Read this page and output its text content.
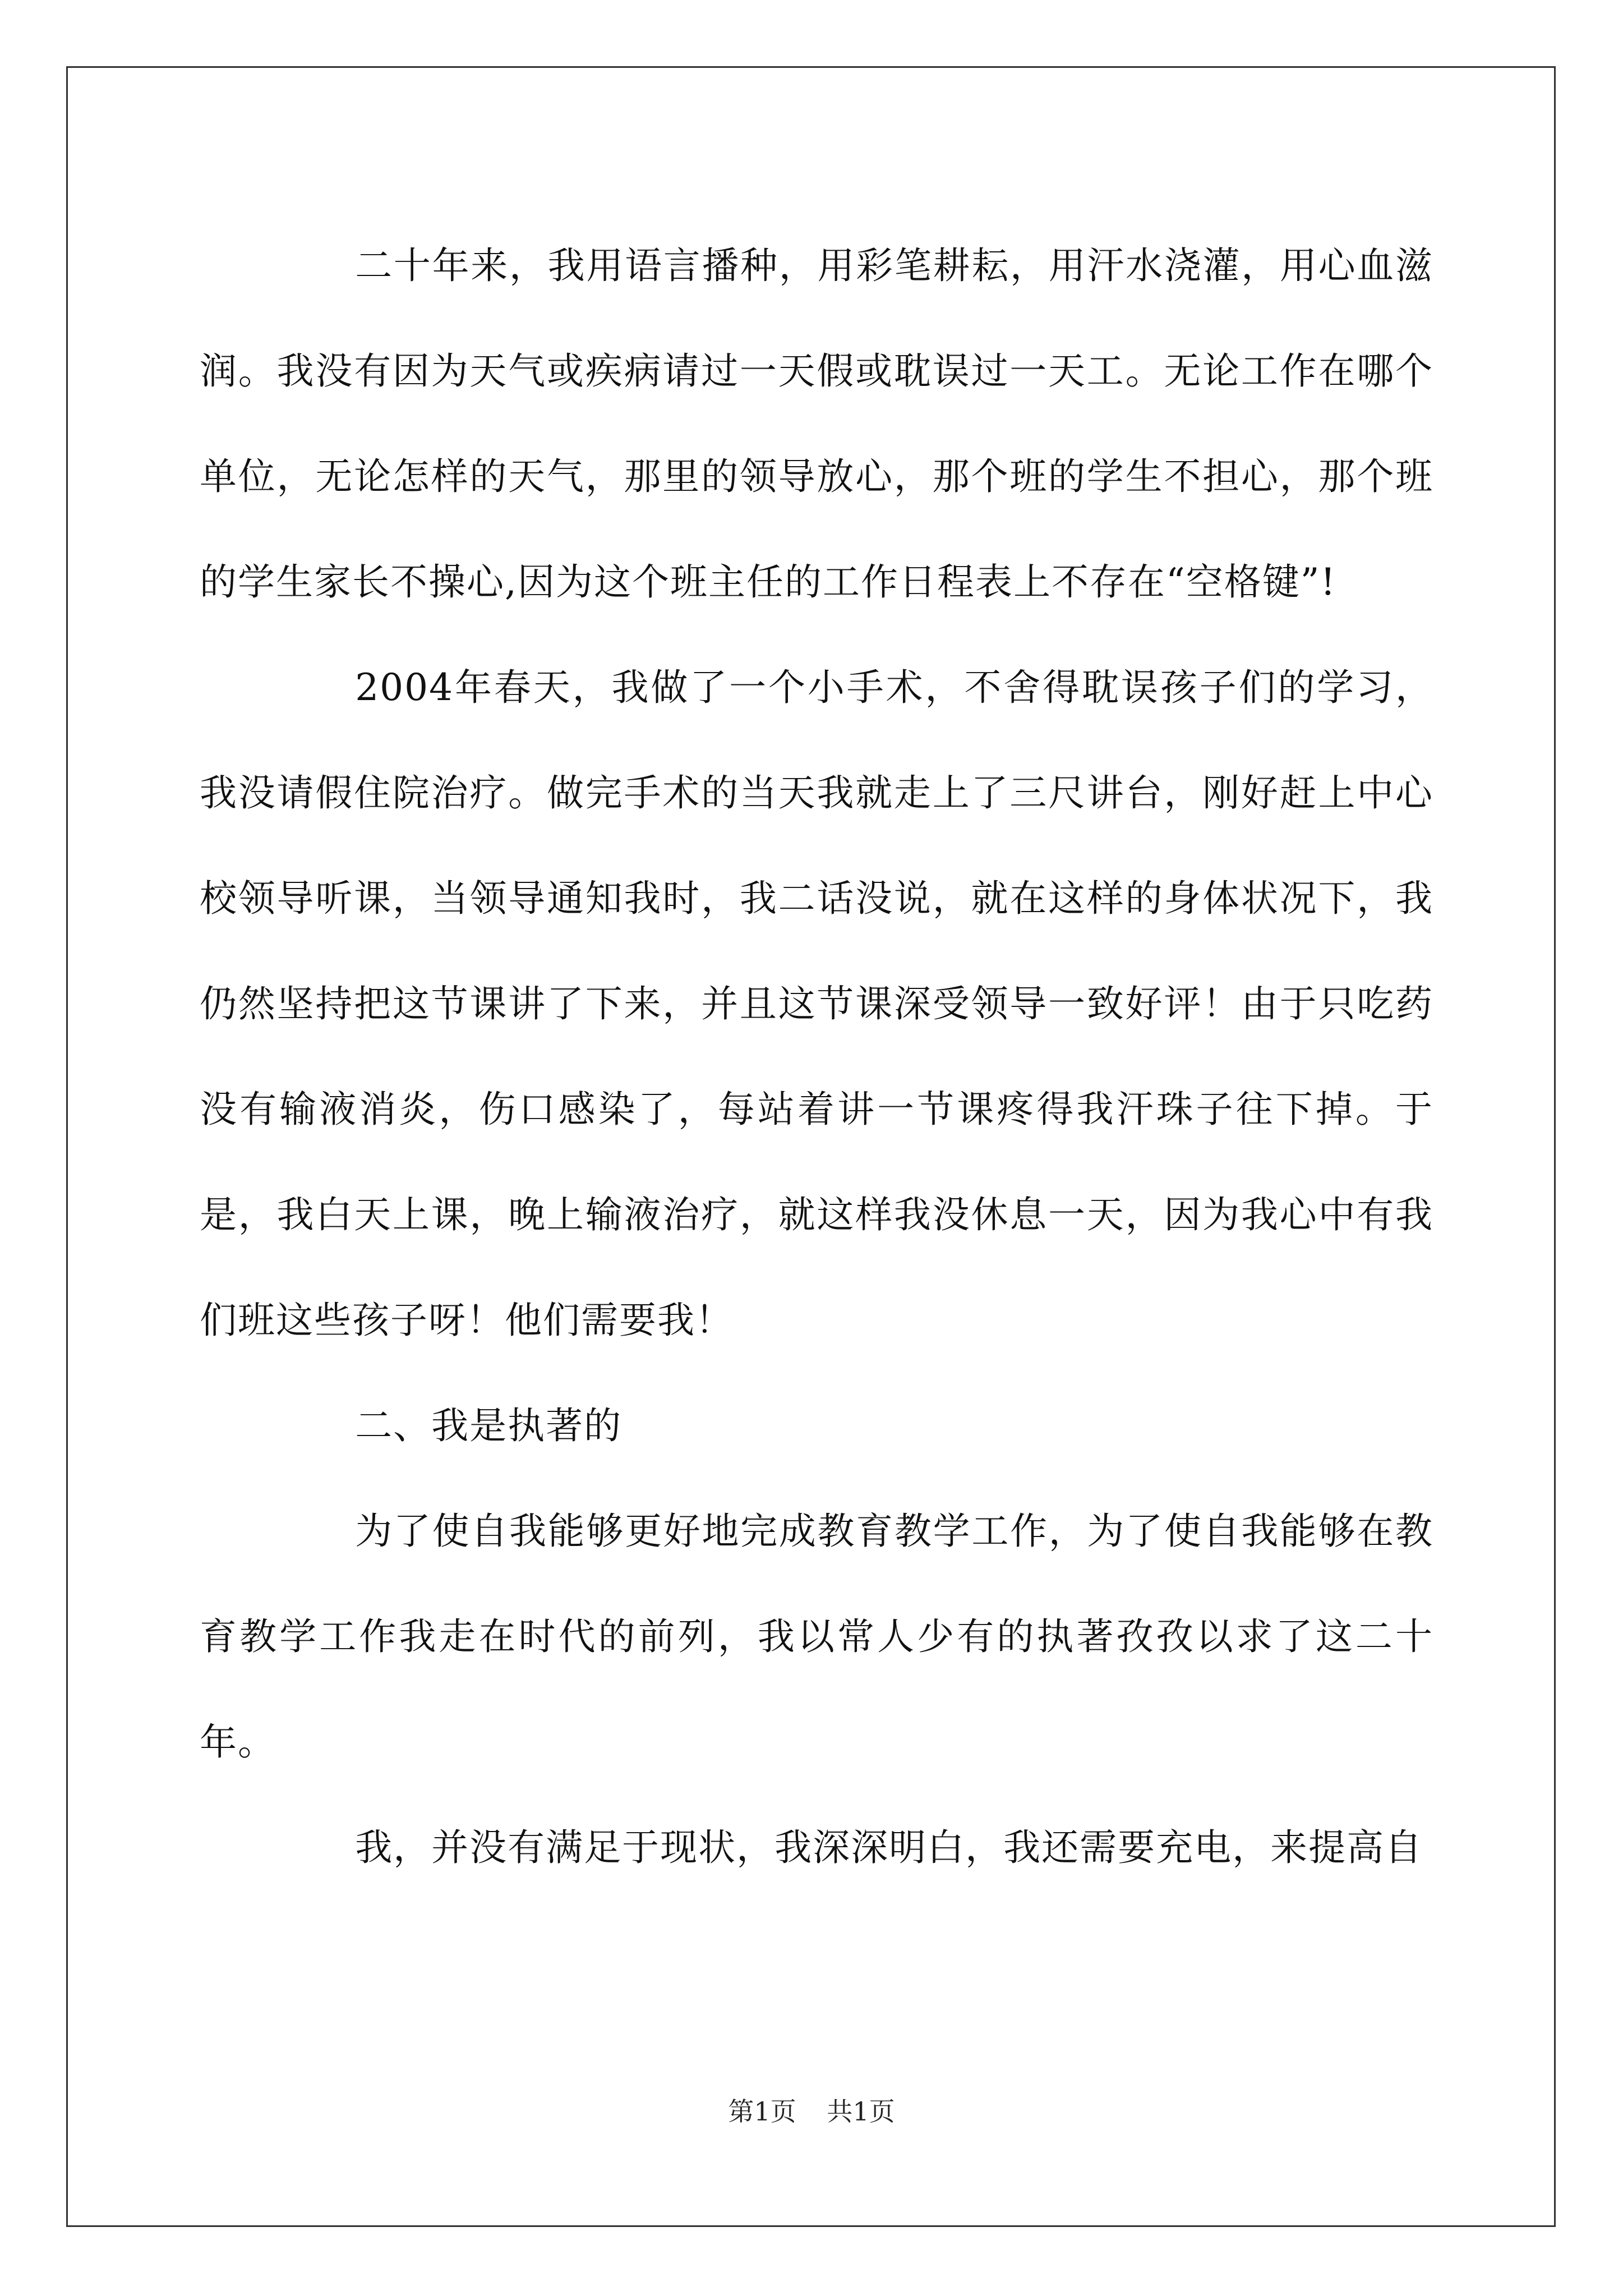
二十年来，我用语言播种，用彩笔耕耘，用汗水浇灌，用心血滋润。我没有因为天气或疾病请过一天假或耽误过一天工。无论工作在哪个单位，无论怎样的天气，那里的领导放心，那个班的学生不担心，那个班的学生家长不操心,因为这个班主任的工作日程表上不存在“空格键”!

2004年春天，我做了一个小手术，不舍得耽误孩子们的学习，我没请假住院治疗。做完手术的当天我就走上了三尺讲台，刚好赶上中心校领导听课，当领导通知我时，我二话没说，就在这样的身体状况下，我仍然坚持把这节课讲了下来，并且这节课深受领导一致好评！由于只吃药没有输液消炎，伤口感染了，每站着讲一节课疼得我汗珠子往下掉。于是，我白天上课，晚上输液治疗，就这样我没休息一天，因为我心中有我们班这些孩子呀！他们需要我！

二、我是执著的

为了使自我能够更好地完成教育教学工作，为了使自我能够在教育教学工作我走在时代的前列，我以常人少有的执著孜孜以求了这二十年。

我，并没有满足于现状，我深深明白，我还需要充电，来提高自

第1页 共1页
